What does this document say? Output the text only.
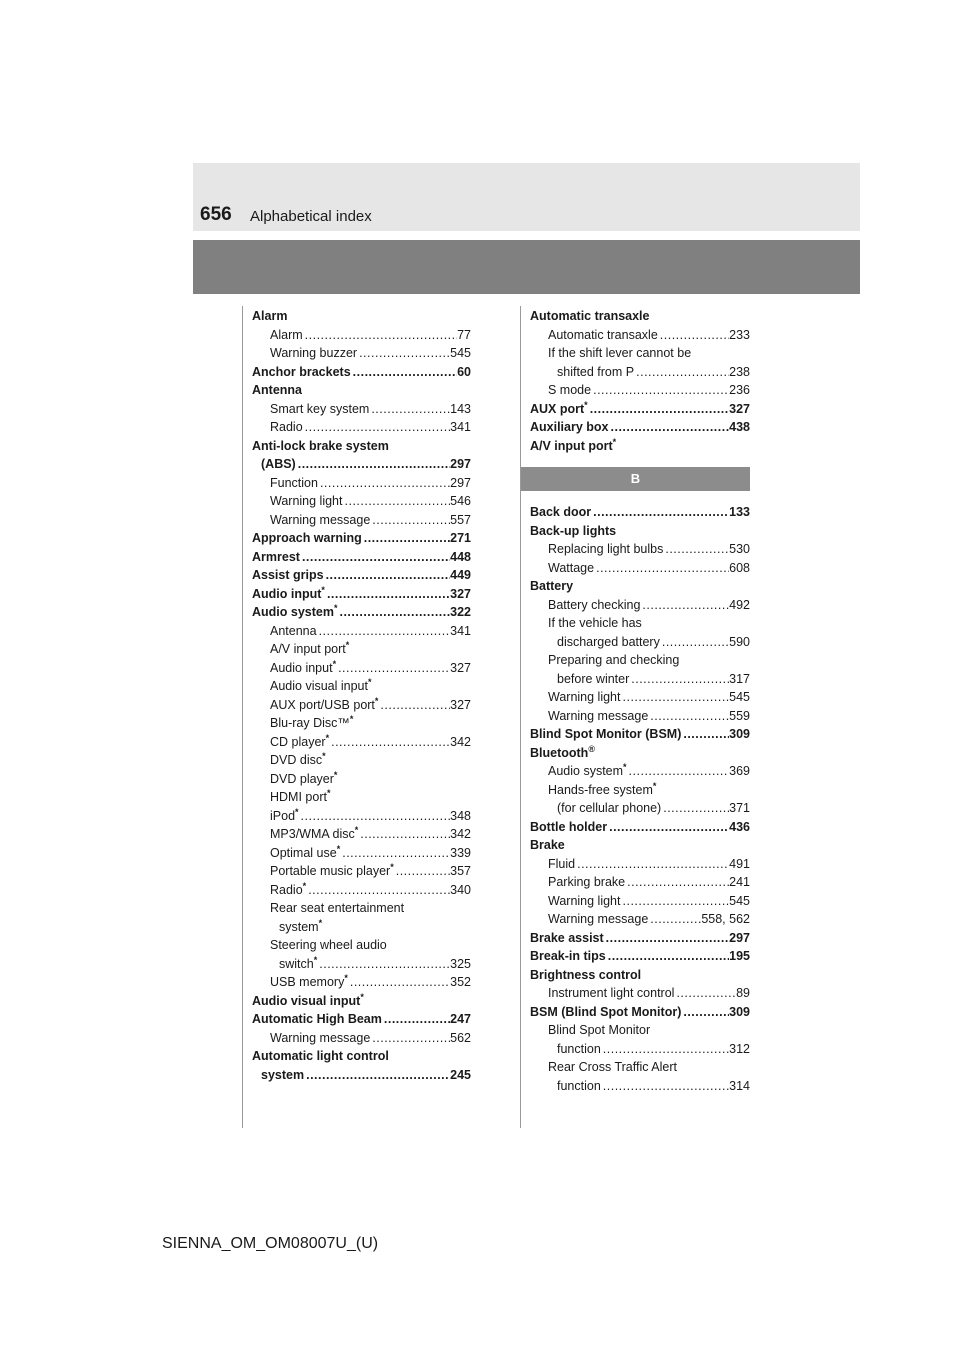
656 Alphabetical index
Alarm
Alarm .....	77
Warning buzzer .....	545
Anchor brackets .....	60
Antenna
Smart key system .....	143
Radio .....	341
Anti-lock brake system
(ABS) .....	297
Function .....	297
Warning light .....	546
Warning message .....	557
Approach warning .....	271
Armrest .....	448
Assist grips .....	449
Audio input* .....	327
Audio system* .....	322
Antenna .....	341
A/V input port*
Audio input* .....	327
Audio visual input*
AUX port/USB port* .....	327
Blu-ray Disc™*
CD player* .....	342
DVD disc*
DVD player*
HDMI port*
iPod* .....	348
MP3/WMA disc* .....	342
Optimal use* .....	339
Portable music player* .....	357
Radio* .....	340
Rear seat entertainment
system*
Steering wheel audio
switch* .....	325
USB memory* .....	352
Audio visual input*
Automatic High Beam .....	247
Warning message .....	562
Automatic light control
system .....	245
Automatic transaxle
Automatic transaxle .....	233
If the shift lever cannot be
shifted from P .....	238
S mode .....	236
AUX port* .....	327
Auxiliary box .....	438
A/V input port*
B
Back door .....	133
Back-up lights
Replacing light bulbs .....	530
Wattage .....	608
Battery
Battery checking .....	492
If the vehicle has
discharged battery .....	590
Preparing and checking
before winter .....	317
Warning light .....	545
Warning message .....	559
Blind Spot Monitor (BSM) .....	309
Bluetooth®
Audio system* .....	369
Hands-free system*
(for cellular phone) .....	371
Bottle holder .....	436
Brake
Fluid .....	491
Parking brake .....	241
Warning light .....	545
Warning message .....	558, 562
Brake assist .....	297
Break-in tips .....	195
Brightness control
Instrument light control .....	89
BSM (Blind Spot Monitor) .....	309
Blind Spot Monitor
function .....	312
Rear Cross Traffic Alert
function .....	314
SIENNA_OM_OM08007U_(U)
